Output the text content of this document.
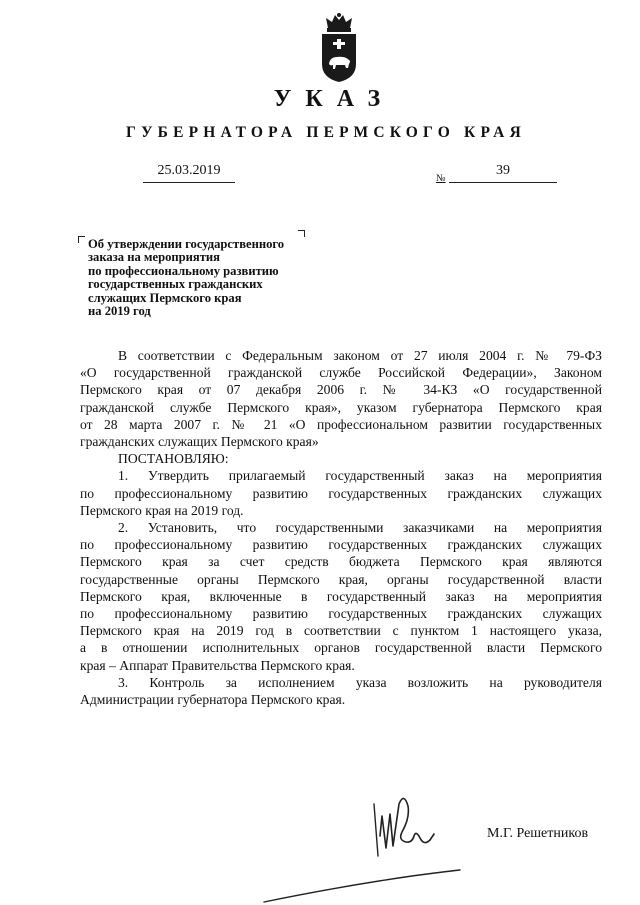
УКАЗ
ГУБЕРНАТОРА ПЕРМСКОГО КРАЯ
25.03.2019
№
39
Об утверждении государственного
заказа на мероприятия
по профессиональному развитию
государственных гражданских
служащих Пермского края
на 2019 год
В соответствии с Федеральным законом от 27 июля 2004 г. № 79-ФЗ
«О государственной гражданской службе Российской Федерации», Законом
Пермского края от 07 декабря 2006 г. № 34-КЗ «О государственной
гражданской службе Пермского края», указом губернатора Пермского края
от 28 марта 2007 г. № 21 «О профессиональном развитии государственных
гражданских служащих Пермского края»
ПОСТАНОВЛЯЮ:
1. Утвердить прилагаемый государственный заказ на мероприятия
по профессиональному развитию государственных гражданских служащих
Пермского края на 2019 год.
2. Установить, что государственными заказчиками на мероприятия
по профессиональному развитию государственных гражданских служащих
Пермского края за счет средств бюджета Пермского края являются
государственные органы Пермского края, органы государственной власти
Пермского края, включенные в государственный заказ на мероприятия
по профессиональному развитию государственных гражданских служащих
Пермского края на 2019 год в соответствии с пунктом 1 настоящего указа,
а в отношении исполнительных органов государственной власти Пермского
края – Аппарат Правительства Пермского края.
3. Контроль за исполнением указа возложить на руководителя
Администрации губернатора Пермского края.
М.Г. Решетников
